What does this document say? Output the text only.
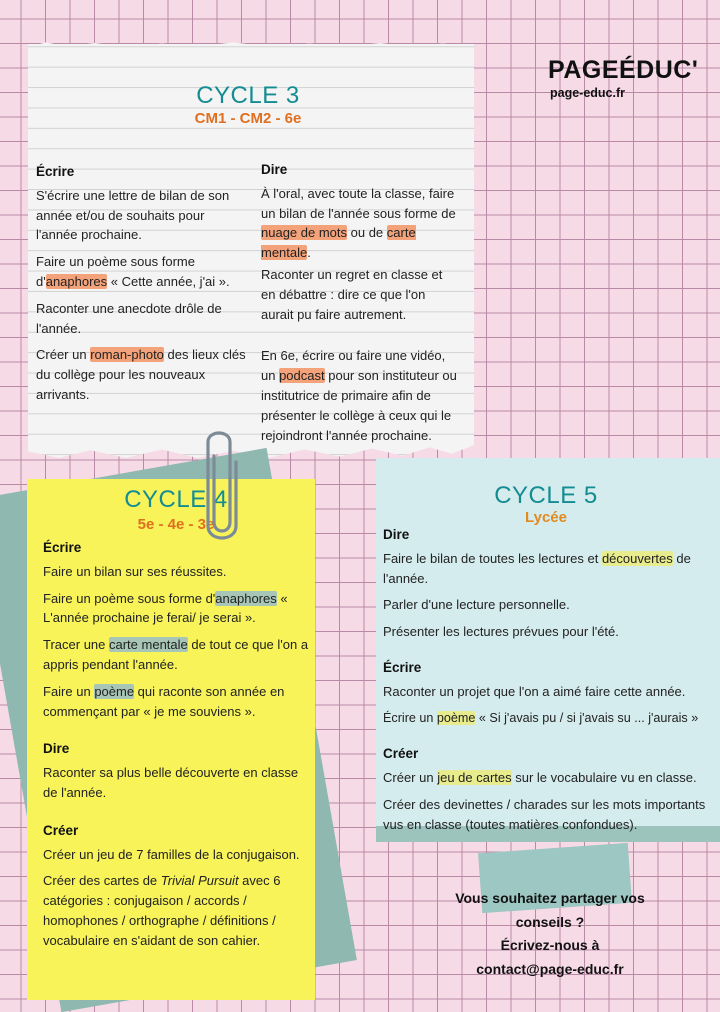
CYCLE 3
CM1 - CM2 - 6e
Écrire

S'écrire une lettre de bilan de son année et/ou de souhaits pour l'année prochaine.

Faire un poème sous forme d'anaphores « Cette année, j'ai ».

Raconter une anecdote drôle de l'année.

Créer un roman-photo des lieux clés du collège pour les nouveaux arrivants.

Dire

À l'oral, avec toute la classe, faire un bilan de l'année sous forme de nuage de mots ou de carte mentale.

Raconter un regret en classe et en débattre : dire ce que l'on aurait pu faire autrement.

En 6e, écrire ou faire une vidéo, un podcast pour son instituteur ou institutrice de primaire afin de présenter le collège à ceux qui le rejoindront l'année prochaine.

PAGEÉDUC'
page-educ.fr
CYCLE 4
5e - 4e - 3e
Écrire

Faire un bilan sur ses réussites.

Faire un poème sous forme d'anaphores « L'année prochaine je ferai/ je serai ».

Tracer une carte mentale de tout ce que l'on a appris pendant l'année.

Faire un poème qui raconte son année en commençant par « je me souviens ».

Dire

Raconter sa plus belle découverte en classe de l'année.

Créer

Créer un jeu de 7 familles de la conjugaison.

Créer des cartes de Trivial Pursuit avec 6 catégories : conjugaison / accords / homophones / orthographe / définitions / vocabulaire en s'aidant de son cahier.

CYCLE 5
Lycée
Dire

Faire le bilan de toutes les lectures et découvertes de l'année.

Parler d'une lecture personnelle.

Présenter les lectures prévues pour l'été.

Écrire

Raconter un projet que l'on a aimé faire cette année.

Écrire un poème « Si j'avais pu / si j'avais su ... j'aurais »

Créer

Créer un jeu de cartes sur le vocabulaire vu en classe.

Créer des devinettes / charades sur les mots importants vus en classe (toutes matières confondues).

Vous souhaitez partager vos
conseils ?
Écrivez-nous à
contact@page-educ.fr
